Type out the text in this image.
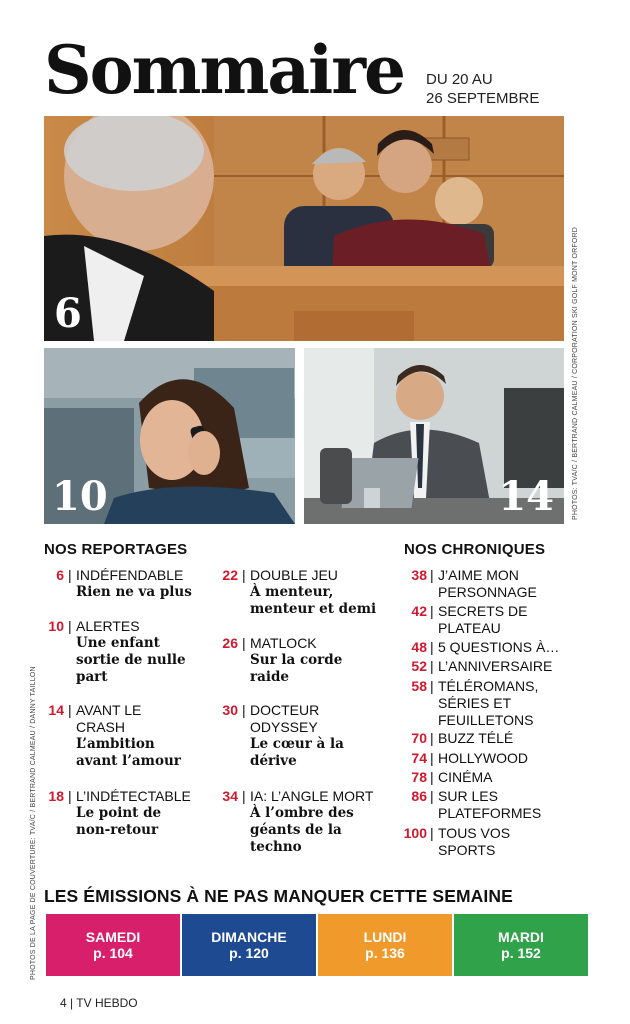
Sommaire DU 20 AU
26 SEPTEMBRE
6
10	14	PHOTOS: TVA/C / BERTRAND CALMEAU / CORPORATION SKI GOLF MONT ORFORD
PHOTOS DE LA PAGE DE COUVERTURE: TVA/C / BERTRAND CALMEAU / DANNY TAILLON
NOS REPORTAGES	NOS CHRONIQUES
6 | INDÉFENDABLE
Rien ne va plus
10 | ALERTES
Une enfant sortie de nulle part
14 | AVANT LE CRASH
L’ambition avant l’amour
18 | L’INDÉTECTABLE
Le point de non-retour
22 | DOUBLE JEU
À menteur, menteur et demi
26 | MATLOCK
Sur la corde raide
30 | DOCTEUR ODYSSEY
Le cœur à la dérive
34 | IA: L’ANGLE MORT
À l’ombre des géants de la techno
38 | J’AIME MON PERSONNAGE
42 | SECRETS DE PLATEAU
48 | 5 QUESTIONS À…
52 | L’ANNIVERSAIRE
58 | TÉLÉROMANS, SÉRIES ET FEUILLETONS
70 | BUZZ TÉLÉ
74 | HOLLYWOOD
78 | CINÉMA
86 | SUR LES PLATEFORMES
100 | TOUS VOS SPORTS
LES ÉMISSIONS À NE PAS MANQUER CETTE SEMAINE
SAMEDI
p. 104
DIMANCHE
p. 120
LUNDI
p. 136
MARDI
p. 152
4 | TV HEBDO
